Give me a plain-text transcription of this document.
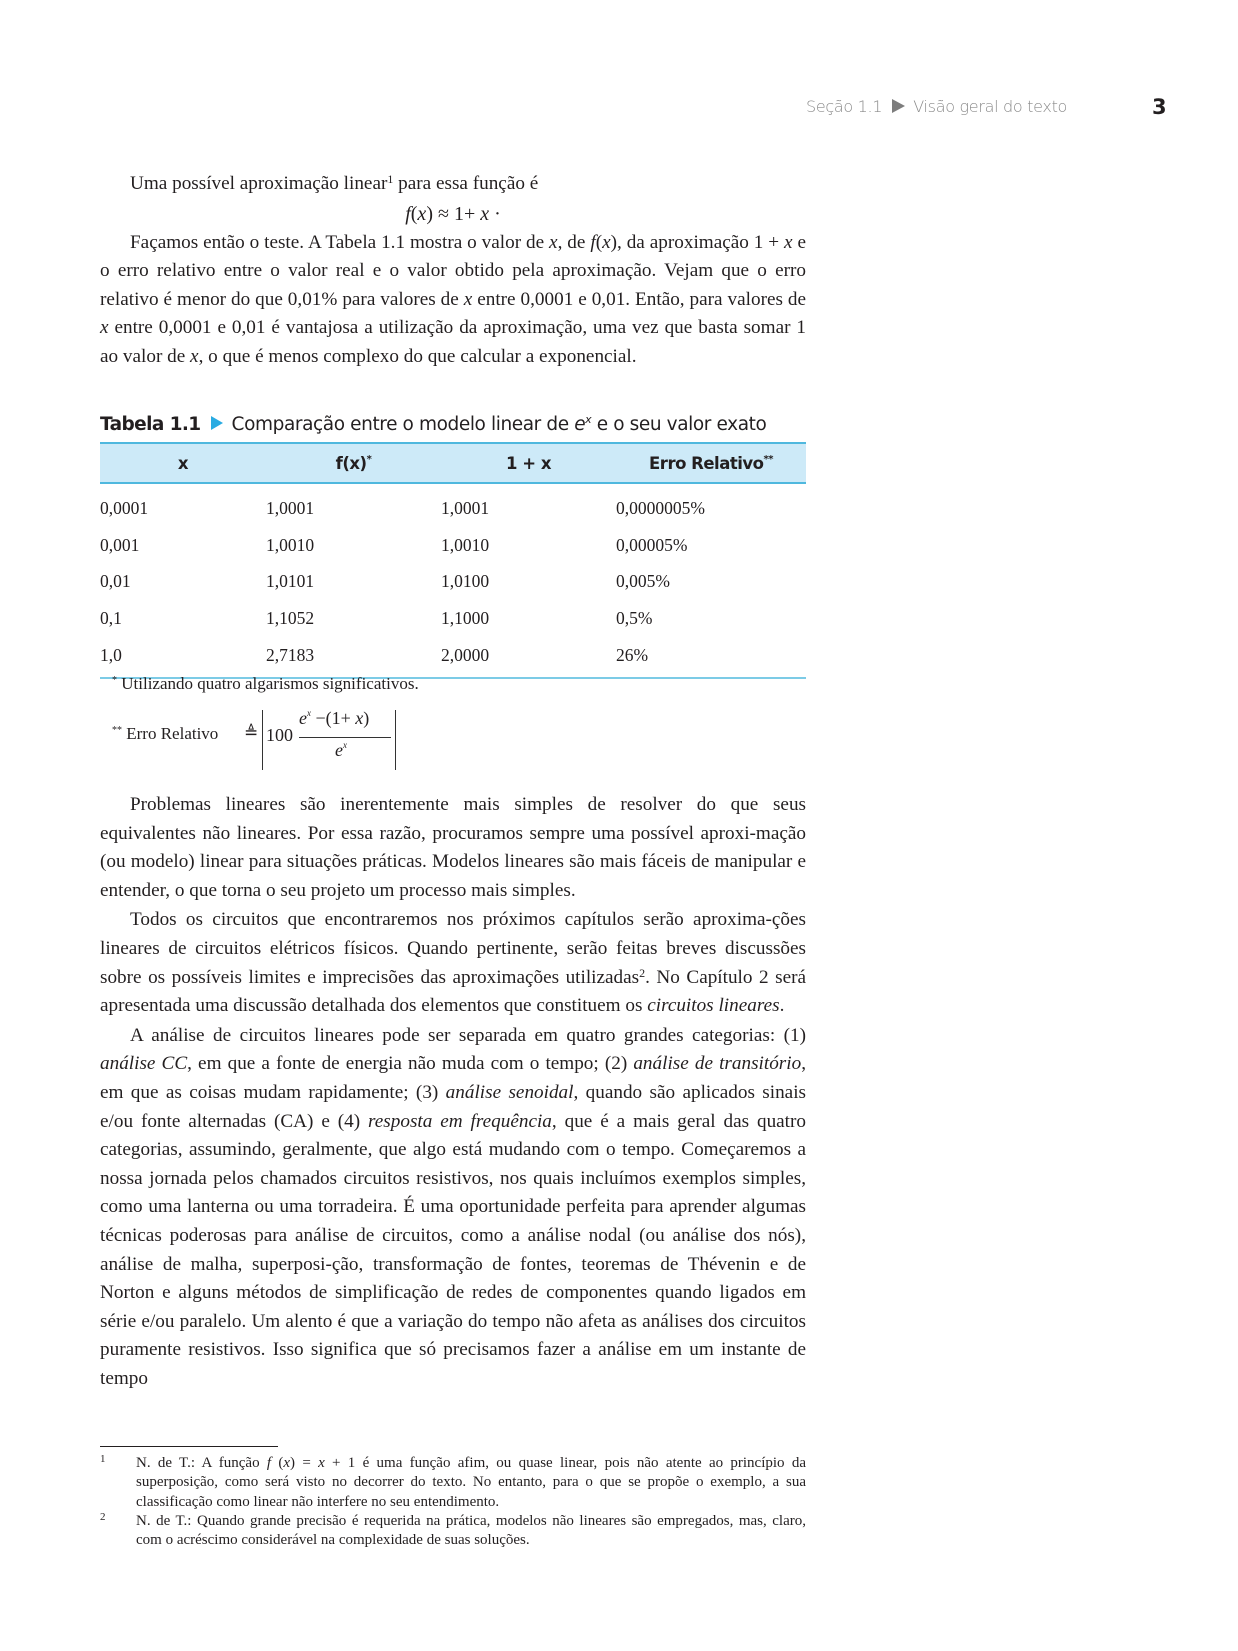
Seção 1.1 Visão geral do texto	3

Uma possível aproximação linear$^1$ para essa função é

f(x) ≈ 1+ x ·

Façamos então o teste. A Tabela 1.1 mostra o valor de x, de f(x), da aproximação 1 + x e o erro relativo entre o valor real e o valor obtido pela aproximação. Vejam que o erro relativo é menor do que 0,01% para valores de x entre 0,0001 e 0,01. Então, para valores de x entre 0,0001 e 0,01 é vantajosa a utilização da aproximação, uma vez que basta somar 1 ao valor de x, o que é menos complexo do que calcular a exponencial.

Tabela 1.1 Comparação entre o modelo linear de $e^x$ e o seu valor exato
x	f(x)*	1 + x	Erro Relativo**
0,0001	1,0001	1,0001	0,0000005%
0,001	1,0010	1,0010	0,00005%
0,01	1,0101	1,0100	0,005%
0,1	1,1052	1,1000	0,5%
1,0	2,7183	2,0000	26%
* Utilizando quatro algarismos significativos.
** Erro Relativo ≜ 100
$e^x -(1+ x)$
$e^x$

Problemas lineares são inerentemente mais simples de resolver do que seus equivalentes não lineares. Por essa razão, procuramos sempre uma possível aproxi-mação (ou modelo) linear para situações práticas. Modelos lineares são mais fáceis de manipular e entender, o que torna o seu projeto um processo mais simples.

Todos os circuitos que encontraremos nos próximos capítulos serão aproxima-ções lineares de circuitos elétricos físicos. Quando pertinente, serão feitas breves discussões sobre os possíveis limites e imprecisões das aproximações utilizadas$^2$. No Capítulo 2 será apresentada uma discussão detalhada dos elementos que constituem os circuitos lineares.

A análise de circuitos lineares pode ser separada em quatro grandes categorias: (1) análise CC, em que a fonte de energia não muda com o tempo; (2) análise de transitório, em que as coisas mudam rapidamente; (3) análise senoidal, quando são aplicados sinais e/ou fonte alternadas (CA) e (4) resposta em frequência, que é a mais geral das quatro categorias, assumindo, geralmente, que algo está mudando com o tempo. Começaremos a nossa jornada pelos chamados circuitos resistivos, nos quais incluímos exemplos simples, como uma lanterna ou uma torradeira. É uma oportunidade perfeita para aprender algumas técnicas poderosas para análise de circuitos, como a análise nodal (ou análise dos nós), análise de malha, superposi-ção, transformação de fontes, teoremas de Thévenin e de Norton e alguns métodos de simplificação de redes de componentes quando ligados em série e/ou paralelo. Um alento é que a variação do tempo não afeta as análises dos circuitos puramente resistivos. Isso significa que só precisamos fazer a análise em um instante de tempo

1 N. de T.: A função f (x) = x + 1 é uma função afim, ou quase linear, pois não atente ao princípio da superposição, como será visto no decorrer do texto. No entanto, para o que se propõe o exemplo, a sua classificação como linear não interfere no seu entendimento.
2 N. de T.: Quando grande precisão é requerida na prática, modelos não lineares são empregados, mas, claro, com o acréscimo considerável na complexidade de suas soluções.
